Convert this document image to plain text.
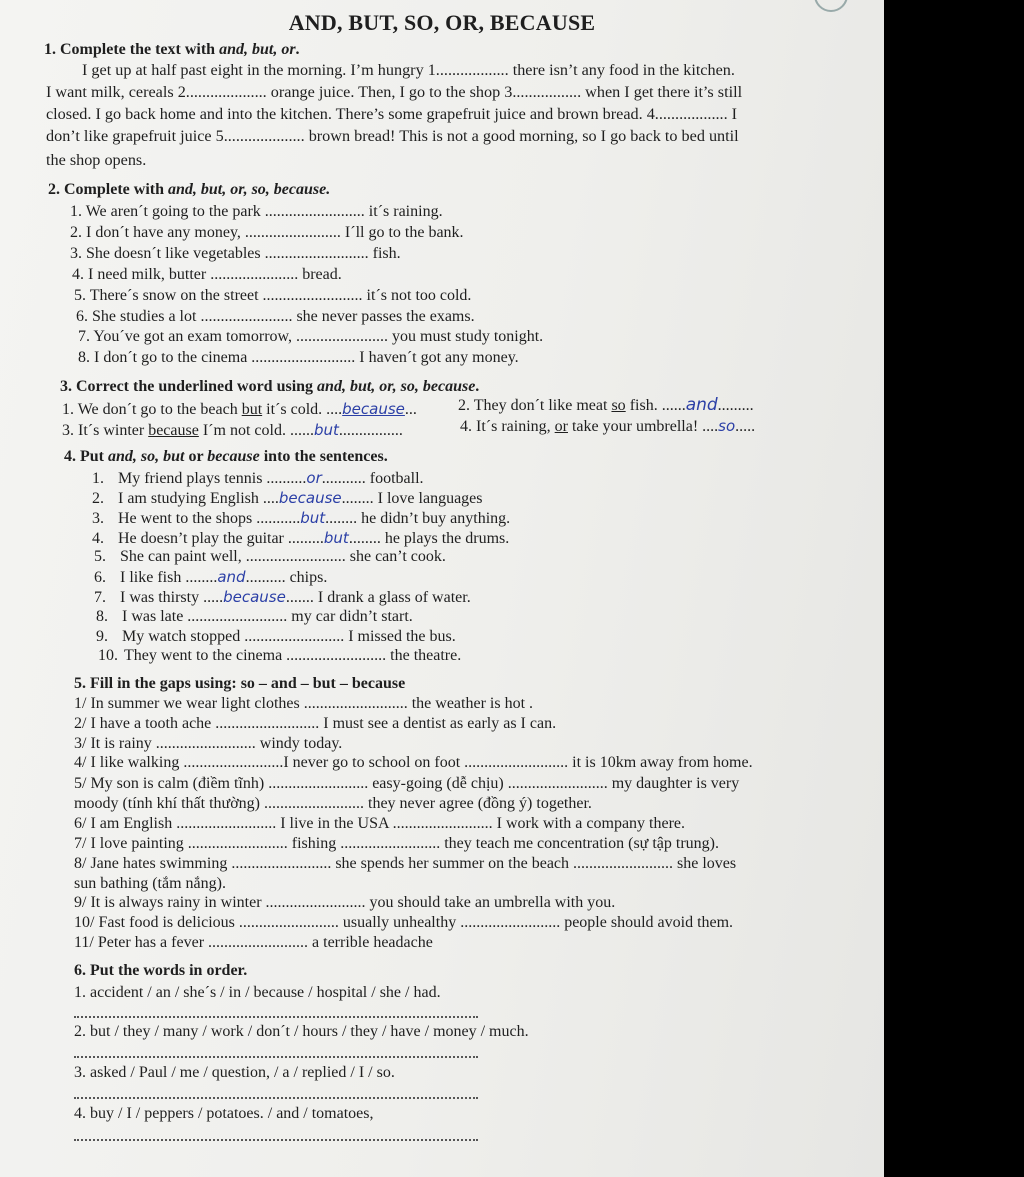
AND, BUT, SO, OR, BECAUSE
1. Complete the text with and, but, or.
I get up at half past eight in the morning. I’m hungry 1.................. there isn’t any food in the kitchen.
I want milk, cereals 2.................... orange juice. Then, I go to the shop 3................. when I get there it’s still
closed. I go back home and into the kitchen. There’s some grapefruit juice and brown bread. 4.................. I
don’t like grapefruit juice 5.................... brown bread! This is not a good morning, so I go back to bed until
the shop opens.
2. Complete with and, but, or, so, because.
1. We aren´t going to the park ......................... it´s raining.
2. I don´t have any money, ........................ I´ll go to the bank.
3. She doesn´t like vegetables .......................... fish.
4. I need milk, butter ...................... bread.
5. There´s snow on the street ......................... it´s not too cold.
6. She studies a lot ....................... she never passes the exams.
7. You´ve got an exam tomorrow, ....................... you must study tonight.
8. I don´t go to the cinema .......................... I haven´t got any money.
3. Correct the underlined word using and, but, or, so, because.
1. We don´t go to the beach but it´s cold. ....because...	2. They don´t like meat so fish. ......and.........
3. It´s winter because I´m not cold. ......but................	4. It´s raining, or take your umbrella! ....so.....
4. Put and, so, but or because into the sentences.
1. My friend plays tennis ..........or........... football.
2. I am studying English ....because........ I love languages
3. He went to the shops ...........but........ he didn’t buy anything.
4. He doesn’t play the guitar .........but........ he plays the drums.
5. She can paint well, ......................... she can’t cook.
6. I like fish ........and.......... chips.
7. I was thirsty .....because....... I drank a glass of water.
8. I was late ......................... my car didn’t start.
9. My watch stopped ......................... I missed the bus.
10. They went to the cinema ......................... the theatre.
5. Fill in the gaps using: so – and – but – because
1/ In summer we wear light clothes .......................... the weather is hot .
2/ I have a tooth ache .......................... I must see a dentist as early as I can.
3/ It is rainy ......................... windy today.
4/ I like walking .........................I never go to school on foot .......................... it is 10km away from home.
5/ My son is calm (điềm tĩnh) ......................... easy-going (dễ chịu) ......................... my daughter is very
moody (tính khí thất thường) ......................... they never agree (đồng ý) together.
6/ I am English ......................... I live in the USA ......................... I work with a company there.
7/ I love painting ......................... fishing ......................... they teach me concentration (sự tập trung).
8/ Jane hates swimming ......................... she spends her summer on the beach ......................... she loves
sun bathing (tắm nắng).
9/ It is always rainy in winter ......................... you should take an umbrella with you.
10/ Fast food is delicious ......................... usually unhealthy ......................... people should avoid them.
11/ Peter has a fever ......................... a terrible headache
6. Put the words in order.
1. accident / an / she´s / in / because / hospital / she / had.
2. but / they / many / work / don´t / hours / they / have / money / much.
3. asked / Paul / me / question, / a / replied / I / so.
4. buy / I / peppers / potatoes. / and / tomatoes,
